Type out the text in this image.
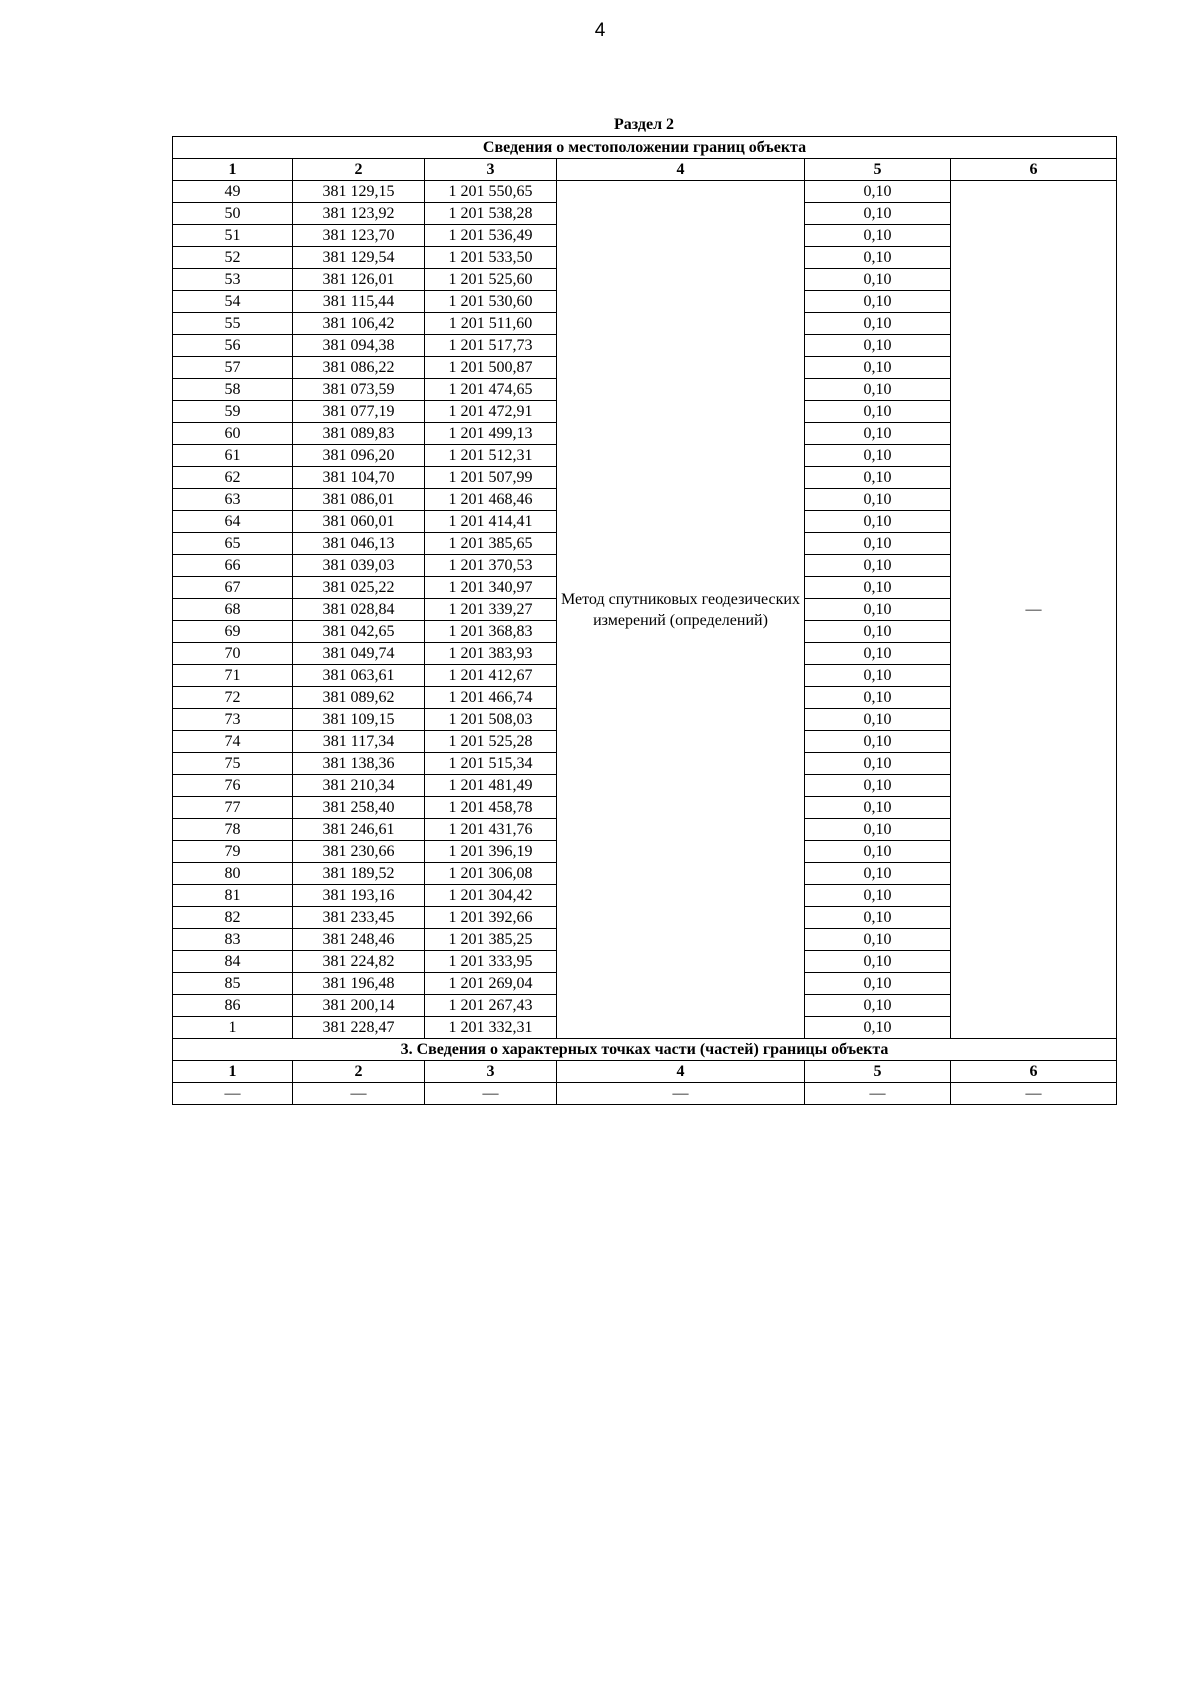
4
Раздел 2
Сведения о местоположении границ объекта					
1	2	3	4	5	6
49	381 129,15	1 201 550,65	Метод спутниковых геодезических измерений (определений)	0,10	—
50	381 123,92	1 201 538,28		0,10	
51	381 123,70	1 201 536,49		0,10	
52	381 129,54	1 201 533,50		0,10	
53	381 126,01	1 201 525,60		0,10	
54	381 115,44	1 201 530,60		0,10	
55	381 106,42	1 201 511,60		0,10	
56	381 094,38	1 201 517,73		0,10	
57	381 086,22	1 201 500,87		0,10	
58	381 073,59	1 201 474,65		0,10	
59	381 077,19	1 201 472,91		0,10	
60	381 089,83	1 201 499,13		0,10	
61	381 096,20	1 201 512,31		0,10	
62	381 104,70	1 201 507,99		0,10	
63	381 086,01	1 201 468,46		0,10	
64	381 060,01	1 201 414,41		0,10	
65	381 046,13	1 201 385,65		0,10	
66	381 039,03	1 201 370,53		0,10	
67	381 025,22	1 201 340,97		0,10	
68	381 028,84	1 201 339,27		0,10	
69	381 042,65	1 201 368,83		0,10	
70	381 049,74	1 201 383,93		0,10	
71	381 063,61	1 201 412,67		0,10	
72	381 089,62	1 201 466,74		0,10	
73	381 109,15	1 201 508,03		0,10	
74	381 117,34	1 201 525,28		0,10	
75	381 138,36	1 201 515,34		0,10	
76	381 210,34	1 201 481,49		0,10	
77	381 258,40	1 201 458,78		0,10	
78	381 246,61	1 201 431,76		0,10	
79	381 230,66	1 201 396,19		0,10	
80	381 189,52	1 201 306,08		0,10	
81	381 193,16	1 201 304,42		0,10	
82	381 233,45	1 201 392,66		0,10	
83	381 248,46	1 201 385,25		0,10	
84	381 224,82	1 201 333,95		0,10	
85	381 196,48	1 201 269,04		0,10	
86	381 200,14	1 201 267,43		0,10	
1	381 228,47	1 201 332,31		0,10	
3. Сведения о характерных точках части (частей) границы объекта					
1	2	3	4	5	6
—	—	—	—	—	—
